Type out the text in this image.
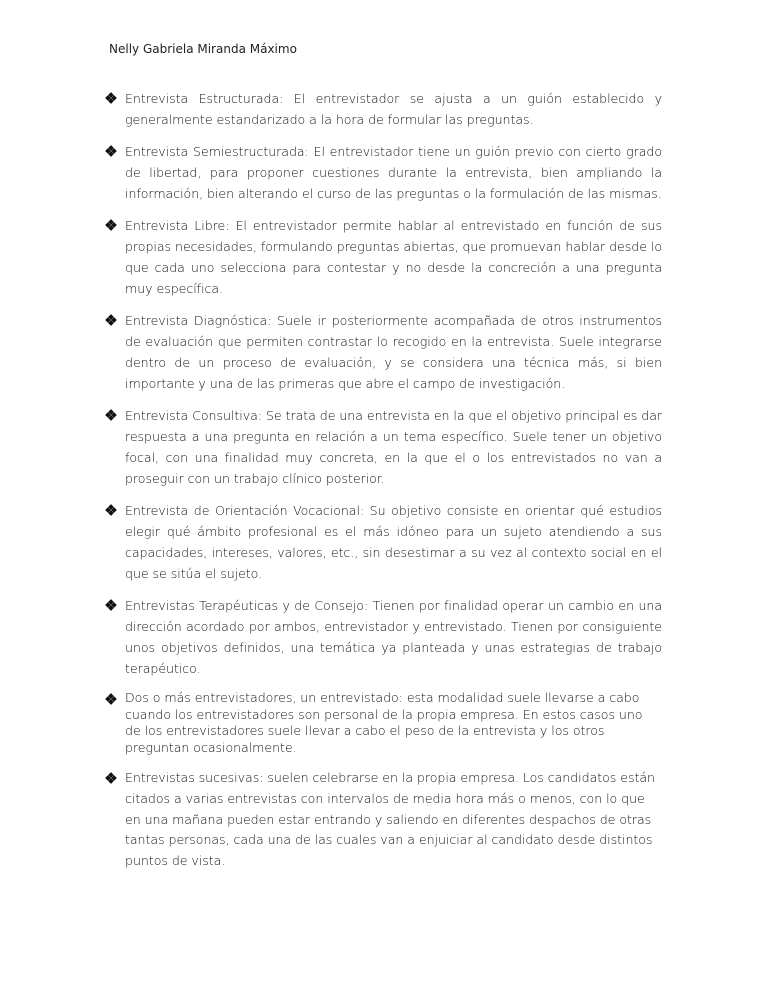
Nelly Gabriela Miranda Máximo
Entrevista Estructurada: El entrevistador se ajusta a un guión establecido y generalmente estandarizado a la hora de formular las preguntas.
Entrevista Semiestructurada: El entrevistador tiene un guión previo con cierto grado de libertad, para proponer cuestiones durante la entrevista, bien ampliando la información, bien alterando el curso de las preguntas o la formulación de las mismas.
Entrevista Libre: El entrevistador permite hablar al entrevistado en función de sus propias necesidades, formulando preguntas abiertas, que promuevan hablar desde lo que cada uno selecciona para contestar y no desde la concreción a una pregunta muy específica.
Entrevista Diagnóstica: Suele ir posteriormente acompañada de otros instrumentos de evaluación que permiten contrastar lo recogido en la entrevista. Suele integrarse dentro de un proceso de evaluación, y se considera una técnica más, si bien importante y una de las primeras que abre el campo de investigación.
Entrevista Consultiva: Se trata de una entrevista en la que el objetivo principal es dar respuesta a una pregunta en relación a un tema específico. Suele tener un objetivo focal, con una finalidad muy concreta, en la que el o los entrevistados no van a proseguir con un trabajo clínico posterior.
Entrevista de Orientación Vocacional: Su objetivo consiste en orientar qué estudios elegir qué ámbito profesional es el más idóneo para un sujeto atendiendo a sus capacidades, intereses, valores, etc., sin desestimar a su vez al contexto social en el que se sitúa el sujeto.
Entrevistas Terapéuticas y de Consejo: Tienen por finalidad operar un cambio en una dirección acordado por ambos, entrevistador y entrevistado. Tienen por consiguiente unos objetivos definidos, una temática ya planteada y unas estrategias de trabajo terapéutico.
Dos o más entrevistadores, un entrevistado: esta modalidad suele llevarse a cabo cuando los entrevistadores son personal de la propia empresa. En estos casos uno de los entrevistadores suele llevar a cabo el peso de la entrevista y los otros preguntan ocasionalmente.
Entrevistas sucesivas: suelen celebrarse en la propia empresa. Los candidatos están citados a varias entrevistas con intervalos de media hora más o menos, con lo que en una mañana pueden estar entrando y saliendo en diferentes despachos de otras tantas personas, cada una de las cuales van a enjuiciar al candidato desde distintos puntos de vista.
